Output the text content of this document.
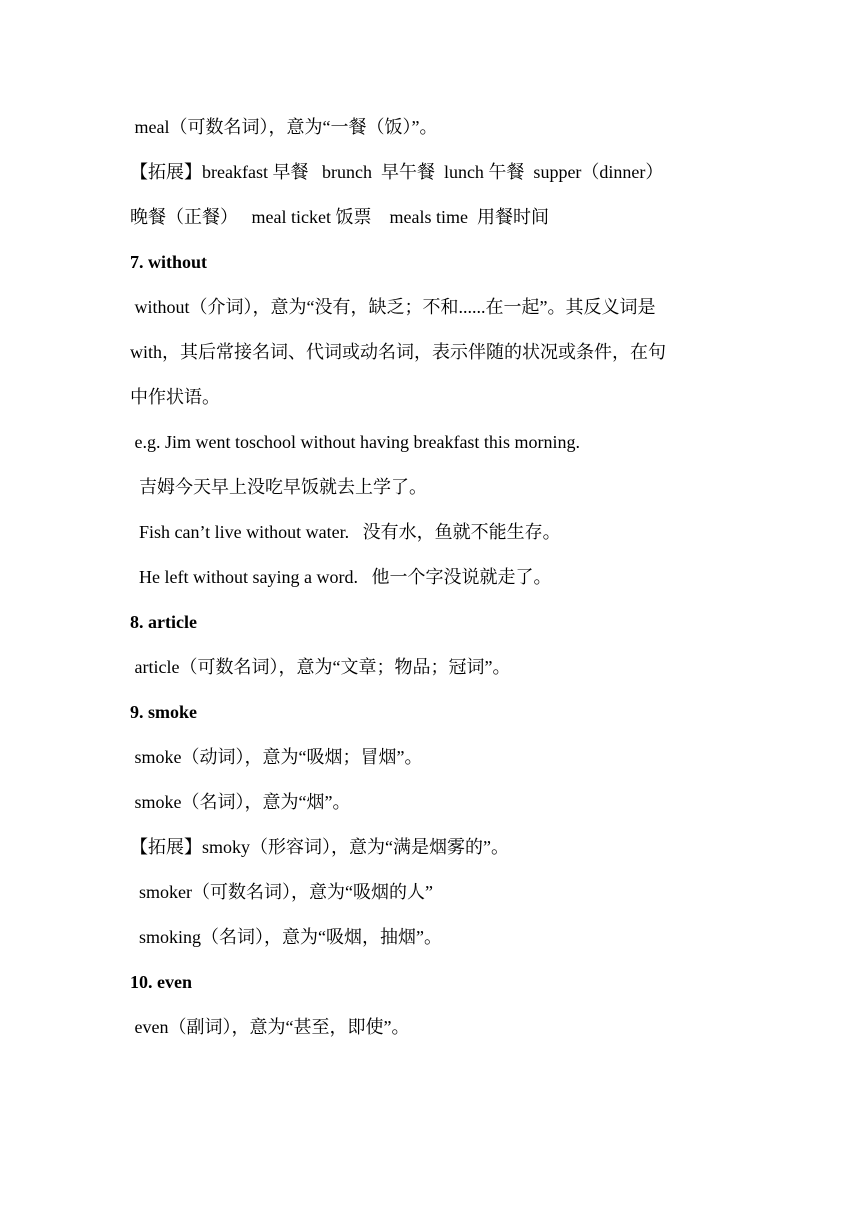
meal（可数名词），意为“一餐（饭）”。
【拓展】breakfast 早餐   brunch  早午餐  lunch 午餐  supper（dinner）
晚餐（正餐）   meal ticket 饭票    meals time  用餐时间
7. without
without（介词），意为“没有，缺乏；不和......在一起”。其反义词是
with，其后常接名词、代词或动名词，表示伴随的状况或条件，在句
中作状语。
e.g. Jim went toschool without having breakfast this morning.
吉姆今天早上没吃早饭就去上学了。
Fish can’t live without water.   没有水，鱼就不能生存。
He left without saying a word.   他一个字没说就走了。
8. article
article（可数名词），意为“文章；物品；冠词”。
9. smoke
smoke（动词），意为“吸烟；冒烟”。
smoke（名词），意为“烟”。
【拓展】smoky（形容词），意为“满是烟雾的”。
smoker（可数名词），意为“吸烟的人”
smoking（名词），意为“吸烟，抽烟”。
10. even
even（副词），意为“甚至，即使”。
